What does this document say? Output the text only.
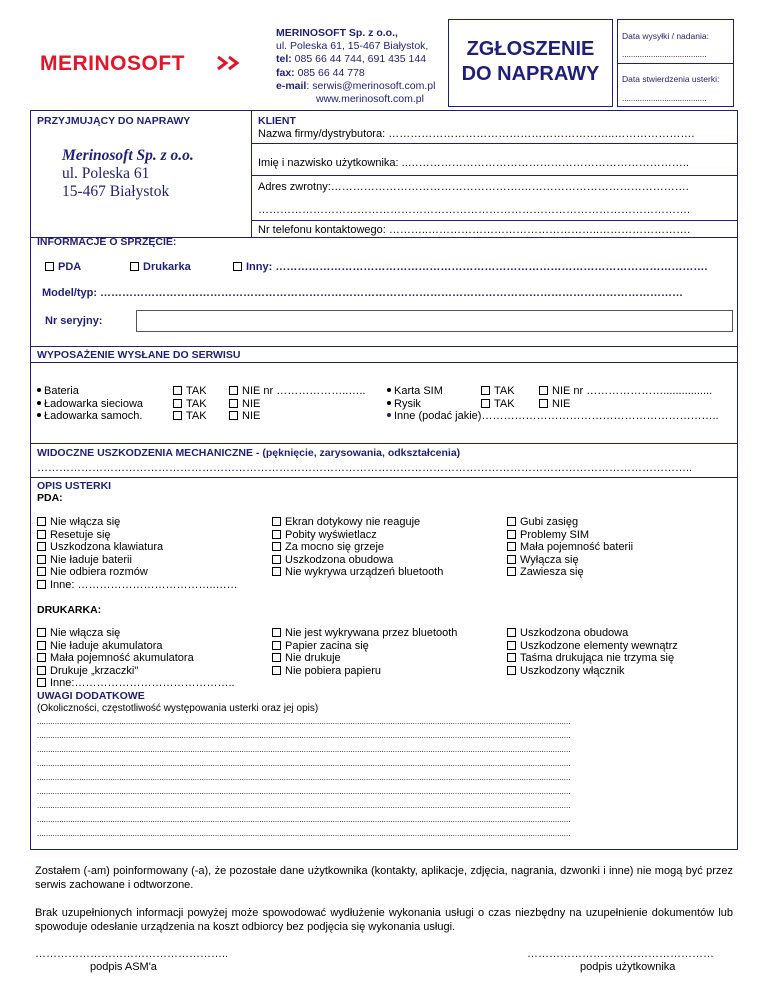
MERINOSOFT
MERINOSOFT Sp. z o.o.,
ul. Poleska 61, 15-467 Białystok,
tel: 085 66 44 744, 691 435 144
fax: 085 66 44 778
e-mail: serwis@merinosoft.com.pl
www.merinosoft.com.pl
ZGŁOSZENIE
DO NAPRAWY
Data wysyłki / nadania:
......................................
Data stwierdzenia usterki:
......................................
PRZYJMUJĄCY DO NAPRAWY
Merinosoft Sp. z o.o.
ul. Poleska 61
15-467 Białystok
KLIENT
Nazwa firmy/dystrybutora: ……………………………………………………..………………….
Imię i nazwisko użytkownika: ..…………………………………………………………………..
Adres zwrotny:…………………………………………….……………………………………….
……………………………………………………………………………………………………….
Nr telefonu kontaktowego: ………..………………………………………..…………………….
INFORMACJE O SPRZĘCIE:
PDA	Drukarka	Inny: ……………………………………………………………………………………………………….
Model/typ: ……………………………………………………………………………………………………………………………………………
Nr seryjny:
WYPOSAŻENIE WYSŁANE DO SERWISU
Bateria
Ładowarka sieciowa
Ładowarka samoch.
TAK
TAK
TAK
NIE nr ………………..…..
NIE
NIE
Karta SIM
Rysik
Inne (podać jakie)………………………………………………………..
TAK
TAK
NIE nr …………………................
NIE
WIDOCZNE USZKODZENIA MECHANICZNE - (pęknięcie, zarysowania, odkształcenia)
……………………………………………………………………………………………………………………………………………………………..
OPIS USTERKI
PDA:
Nie włącza się
Resetuje się
Uszkodzona klawiatura
Nie ładuje baterii
Nie odbiera rozmów
Inne: ………………………………..……
Ekran dotykowy nie reaguje
Pobity wyświetlacz
Za mocno się grzeje
Uszkodzona obudowa
Nie wykrywa urządzeń bluetooth
Gubi zasięg
Problemy SIM
Mała pojemność baterii
Wyłącza się
Zawiesza się
DRUKARKA:
Nie włącza się
Nie ładuje akumulatora
Mała pojemność akumulatora
Drukuje „krzaczki"
Inne:……………………………………..
Nie jest wykrywana przez bluetooth
Papier zacina się
Nie drukuje
Nie pobiera papieru
Uszkodzona obudowa
Uszkodzone elementy wewnątrz
Taśma drukująca nie trzyma się
Uszkodzony włącznik
UWAGI DODATKOWE
(Okoliczności, częstotliwość występowania usterki oraz jej opis)
................................................................................................................................................................................................................................................
................................................................................................................................................................................................................................................
................................................................................................................................................................................................................................................
................................................................................................................................................................................................................................................
................................................................................................................................................................................................................................................
................................................................................................................................................................................................................................................
................................................................................................................................................................................................................................................
................................................................................................................................................................................................................................................
................................................................................................................................................................................................................................................
Zostałem (-am) poinformowany (-a), że pozostałe dane użytkownika (kontakty, aplikacje, zdjęcia, nagrania, dzwonki i inne) nie mogą być przez serwis zachowane i odtworzone.
Brak uzupełnionych informacji powyżej może spowodować wydłużenie wykonania usługi o czas niezbędny na uzupełnienie dokumentów lub spowoduje odesłanie urządzenia na koszt odbiorcy bez podjęcia się wykonania usługi.
……………………………………………..
podpis ASM'a
……………………………………………
podpis użytkownika
